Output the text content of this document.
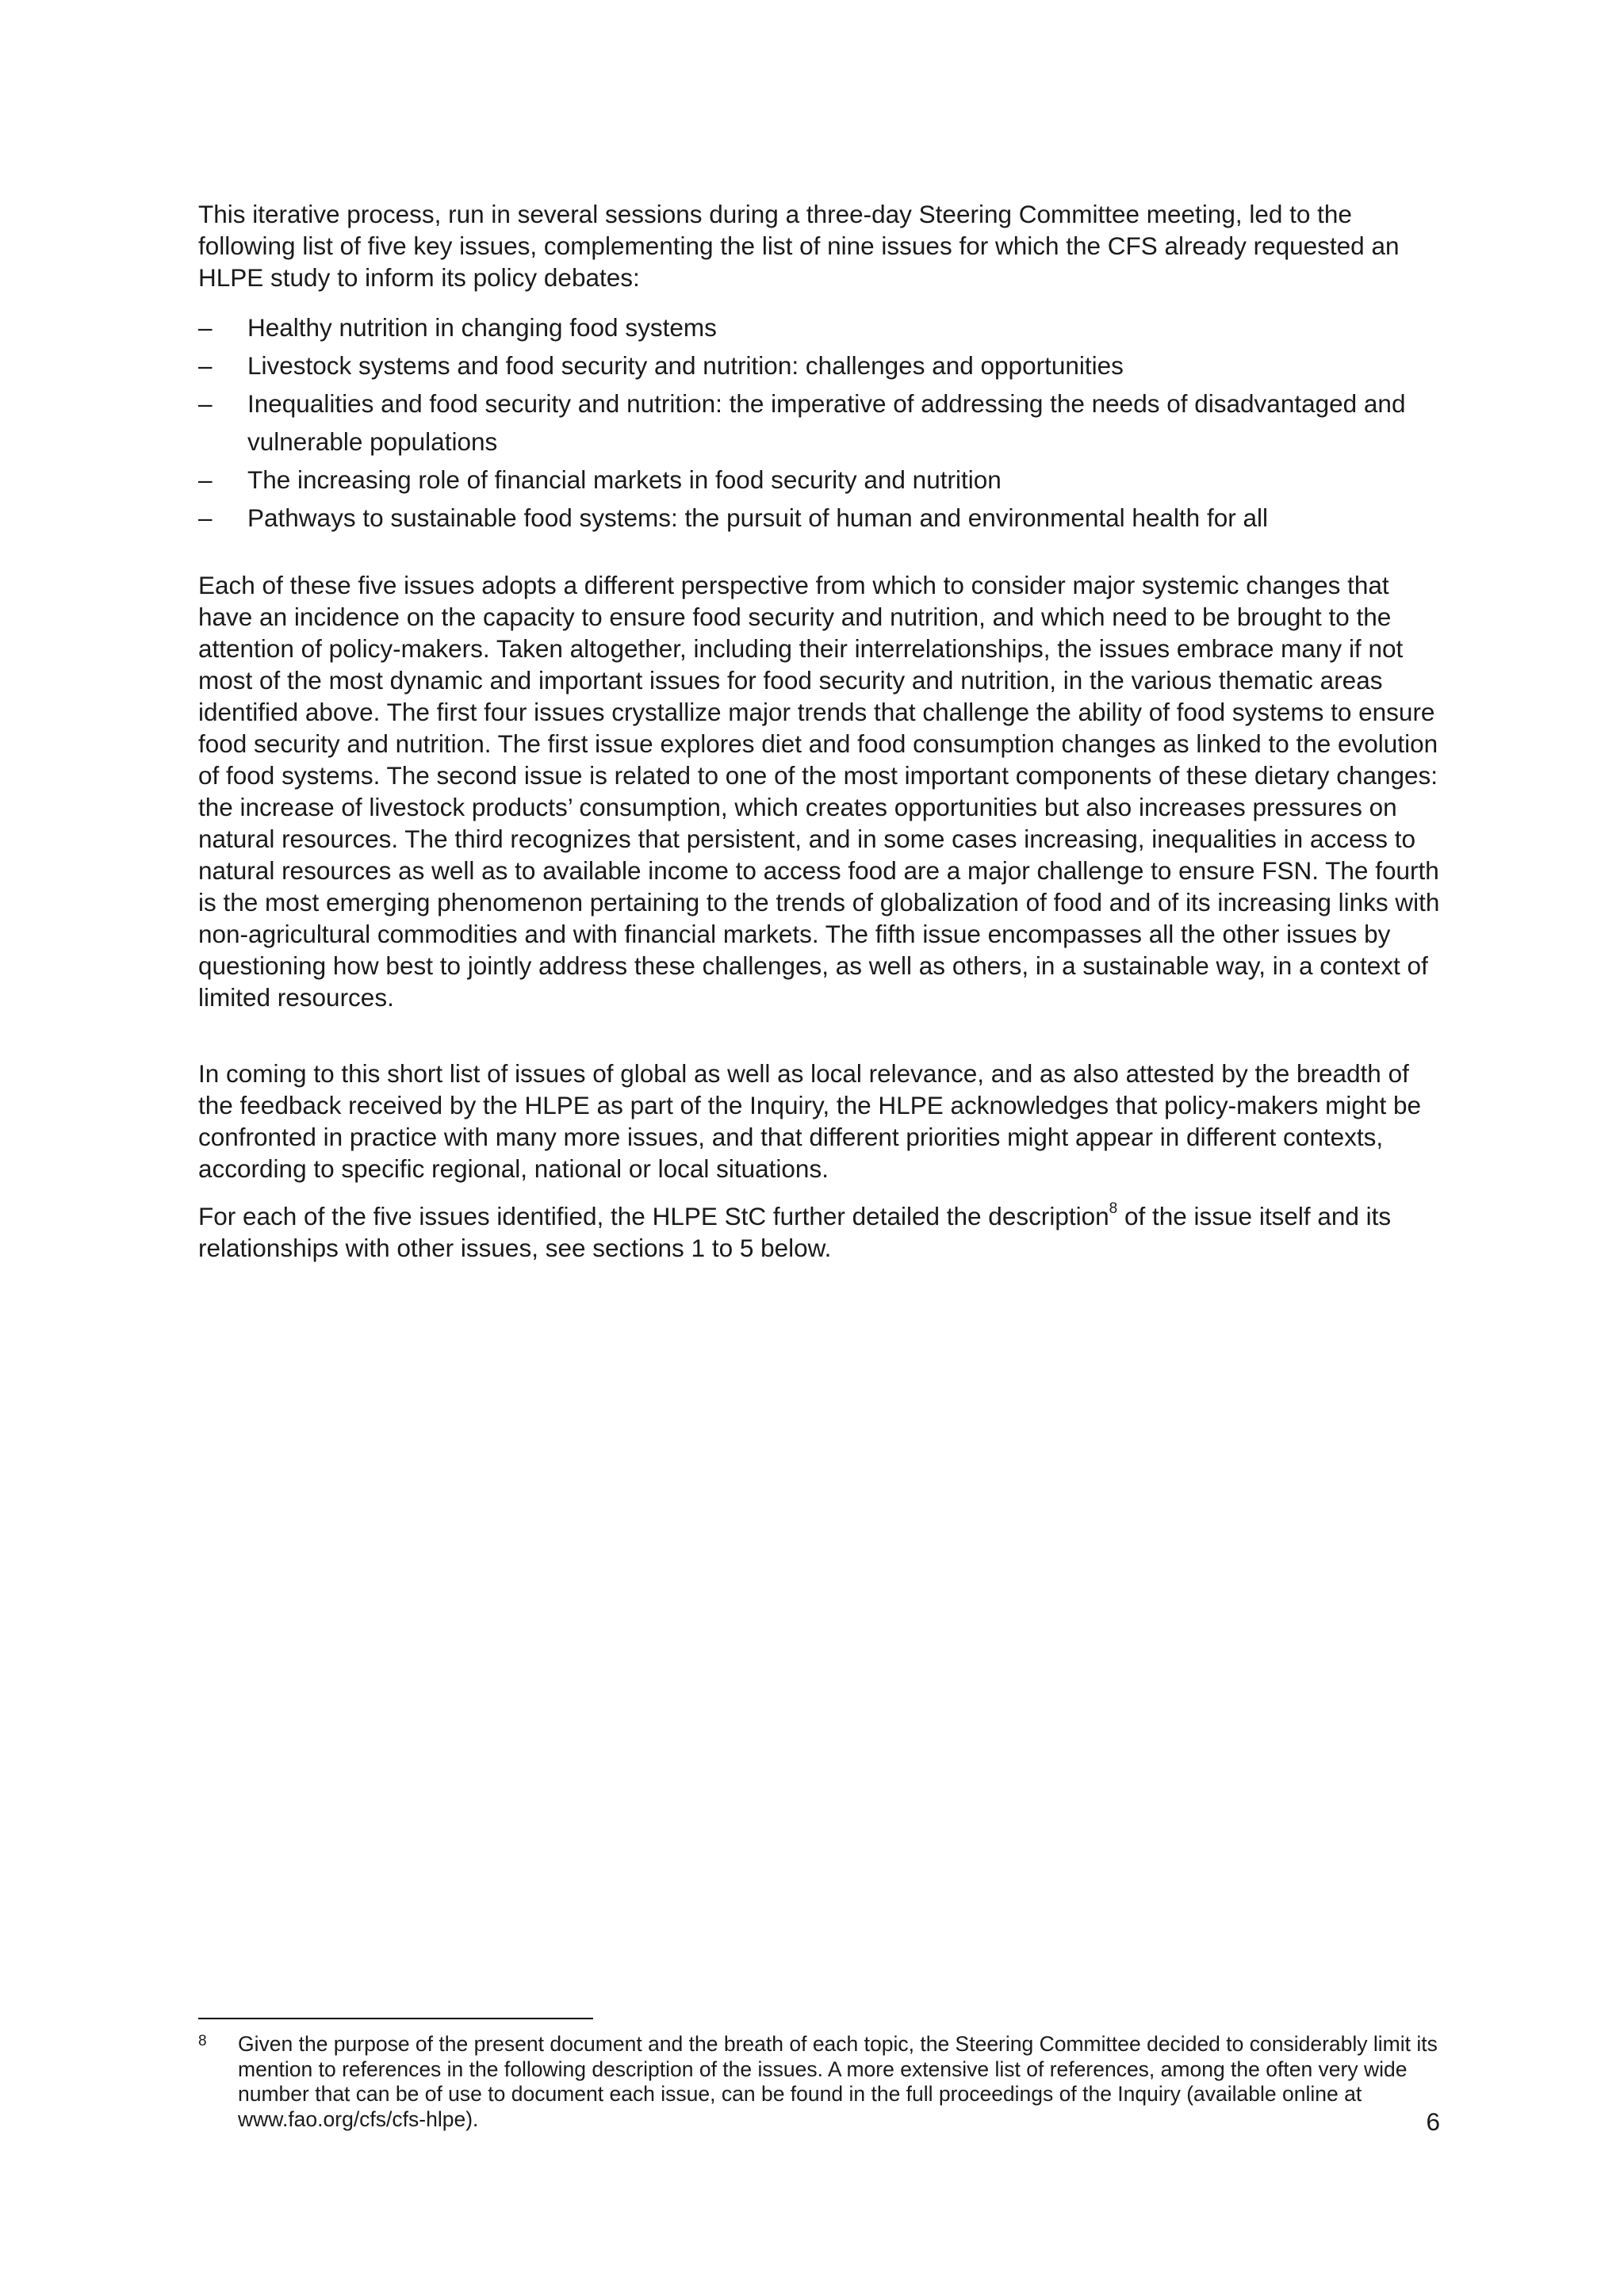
This iterative process, run in several sessions during a three-day Steering Committee meeting, led to the following list of five key issues, complementing the list of nine issues for which the CFS already requested an HLPE study to inform its policy debates:

– Healthy nutrition in changing food systems
– Livestock systems and food security and nutrition: challenges and opportunities
– Inequalities and food security and nutrition: the imperative of addressing the needs of disadvantaged and vulnerable populations
– The increasing role of financial markets in food security and nutrition
– Pathways to sustainable food systems: the pursuit of human and environmental health for all

Each of these five issues adopts a different perspective from which to consider major systemic changes that have an incidence on the capacity to ensure food security and nutrition, and which need to be brought to the attention of policy-makers. Taken altogether, including their interrelationships, the issues embrace many if not most of the most dynamic and important issues for food security and nutrition, in the various thematic areas identified above. The first four issues crystallize major trends that challenge the ability of food systems to ensure food security and nutrition. The first issue explores diet and food consumption changes as linked to the evolution of food systems. The second issue is related to one of the most important components of these dietary changes: the increase of livestock products’ consumption, which creates opportunities but also increases pressures on natural resources. The third recognizes that persistent, and in some cases increasing, inequalities in access to natural resources as well as to available income to access food are a major challenge to ensure FSN. The fourth is the most emerging phenomenon pertaining to the trends of globalization of food and of its increasing links with non-agricultural commodities and with financial markets. The fifth issue encompasses all the other issues by questioning how best to jointly address these challenges, as well as others, in a sustainable way, in a context of limited resources.

In coming to this short list of issues of global as well as local relevance, and as also attested by the breadth of the feedback received by the HLPE as part of the Inquiry, the HLPE acknowledges that policy-makers might be confronted in practice with many more issues, and that different priorities might appear in different contexts, according to specific regional, national or local situations.

For each of the five issues identified, the HLPE StC further detailed the description$^8$ of the issue itself and its relationships with other issues, see sections 1 to 5 below.

8 Given the purpose of the present document and the breath of each topic, the Steering Committee decided to considerably limit its mention to references in the following description of the issues. A more extensive list of references, among the often very wide number that can be of use to document each issue, can be found in the full proceedings of the Inquiry (available online at www.fao.org/cfs/cfs-hlpe).	6
